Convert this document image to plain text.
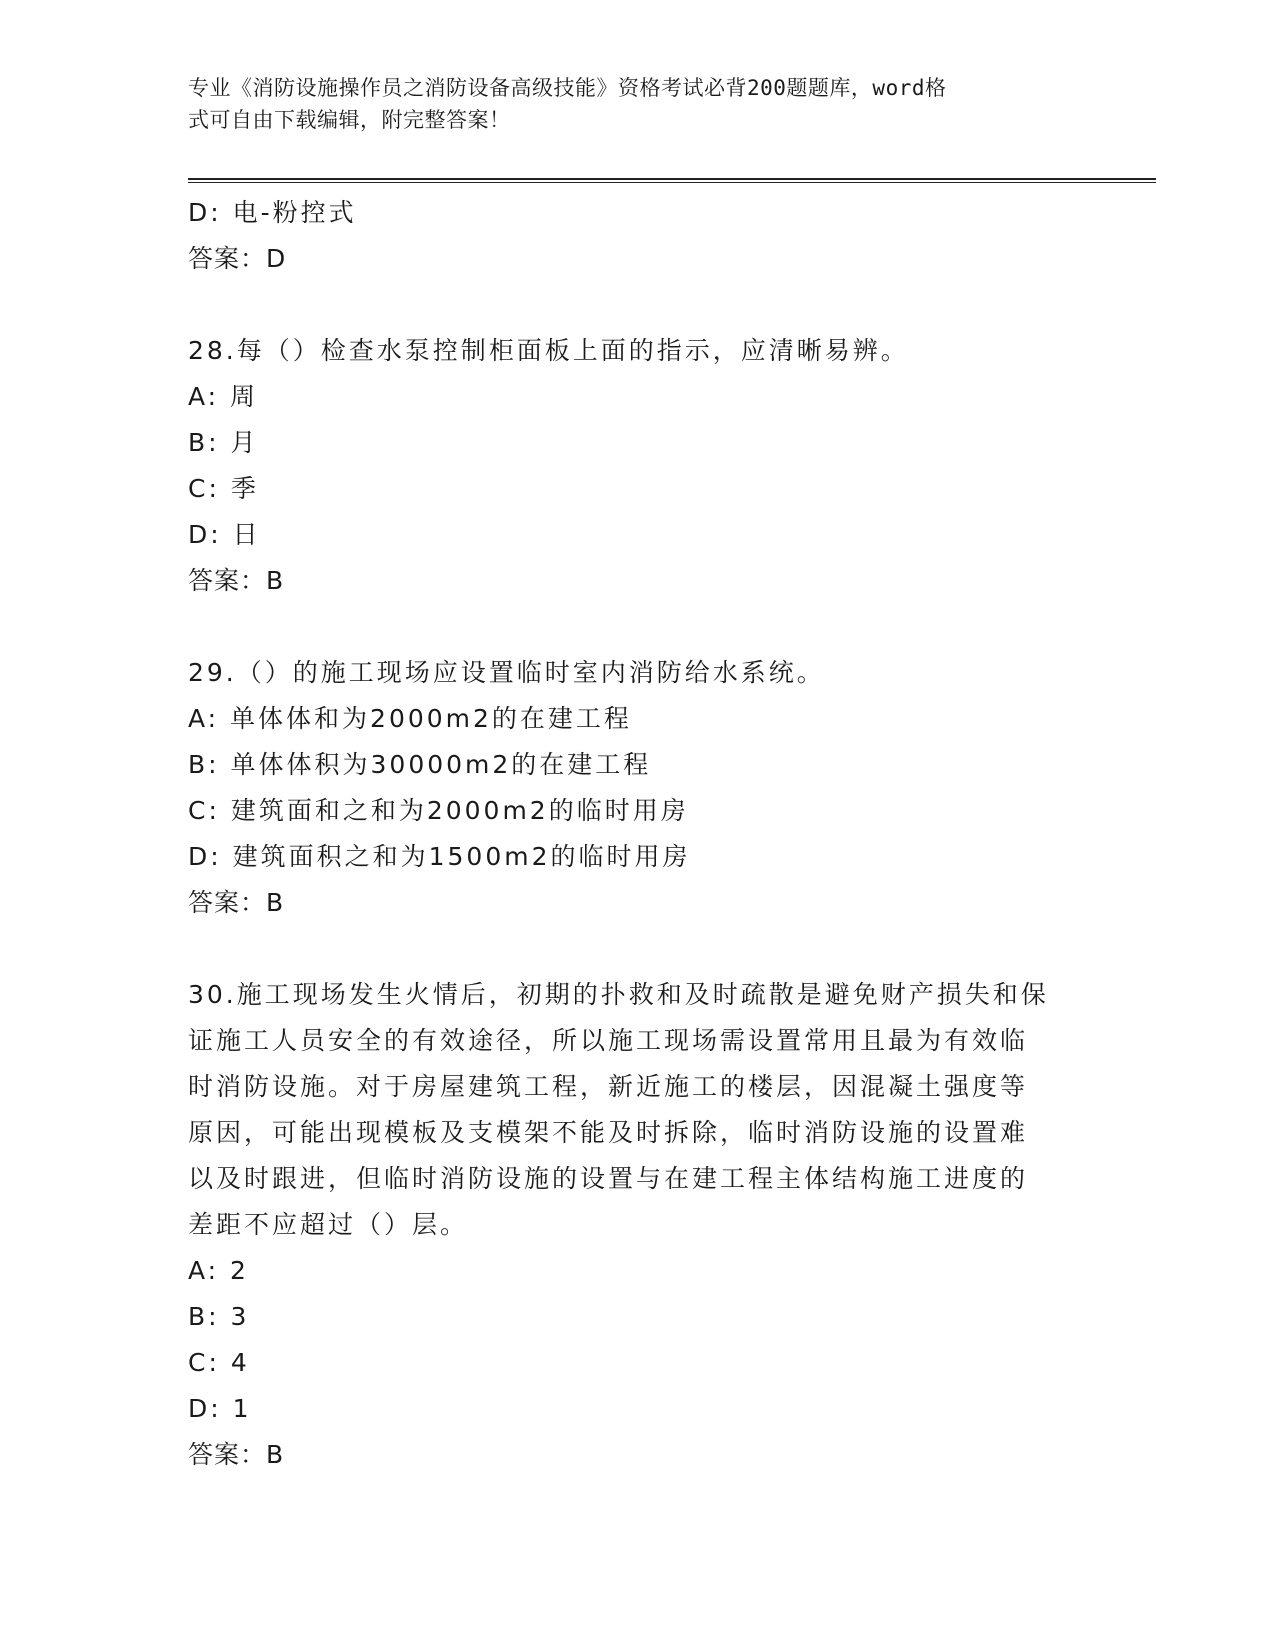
专业《消防设施操作员之消防设备高级技能》资格考试必背200题题库，word格
式可自由下载编辑，附完整答案！
D: 电-粉控式
答案：D
28.每（）检查水泵控制柜面板上面的指示，应清晰易辨。
A: 周
B: 月
C: 季
D: 日
答案：B
29.（）的施工现场应设置临时室内消防给水系统。
A: 单体体和为2000m2的在建工程
B: 单体体积为30000m2的在建工程
C: 建筑面和之和为2000m2的临时用房
D: 建筑面积之和为1500m2的临时用房
答案：B
30.施工现场发生火情后，初期的扑救和及时疏散是避免财产损失和保
证施工人员安全的有效途径，所以施工现场需设置常用且最为有效临
时消防设施。对于房屋建筑工程，新近施工的楼层，因混凝土强度等
原因，可能出现模板及支模架不能及时拆除，临时消防设施的设置难
以及时跟进，但临时消防设施的设置与在建工程主体结构施工进度的
差距不应超过（）层。
A: 2
B: 3
C: 4
D: 1
答案：B
